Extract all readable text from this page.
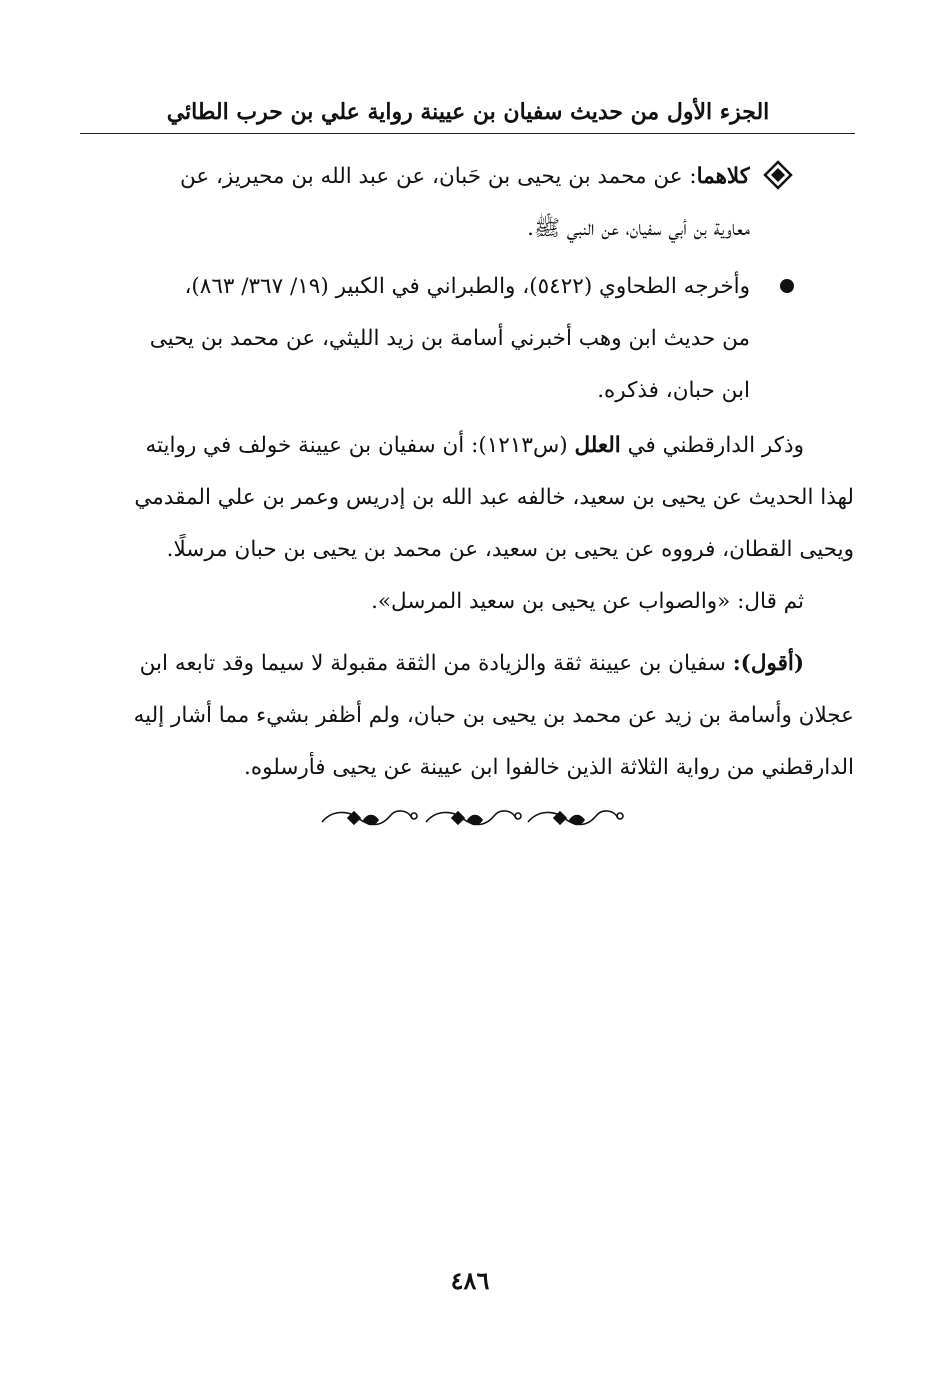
الجزء الأول من حديث سفيان بن عيينة رواية علي بن حرب الطائي
كلاهما: عن محمد بن يحيى بن حَبان، عن عبد الله بن محيريز، عن
معاوية بن أبي سفيان، عن النبي ﷺ.
وأخرجه الطحاوي (٥٤٢٢)، والطبراني في الكبير (١٩/ ٣٦٧/ ٨٦٣)،
من حديث ابن وهب أخبرني أسامة بن زيد الليثي، عن محمد بن يحيى
ابن حبان، فذكره.
وذكر الدارقطني في العلل (س١٢١٣): أن سفيان بن عيينة خولف في روايته
لهذا الحديث عن يحيى بن سعيد، خالفه عبد الله بن إدريس وعمر بن علي المقدمي
ويحيى القطان، فرووه عن يحيى بن سعيد، عن محمد بن يحيى بن حبان مرسلًا.
ثم قال: «والصواب عن يحيى بن سعيد المرسل».
(أقول): سفيان بن عيينة ثقة والزيادة من الثقة مقبولة لا سيما وقد تابعه ابن
عجلان وأسامة بن زيد عن محمد بن يحيى بن حبان، ولم أظفر بشيء مما أشار إليه
الدارقطني من رواية الثلاثة الذين خالفوا ابن عيينة عن يحيى فأرسلوه.
٤٨٦
